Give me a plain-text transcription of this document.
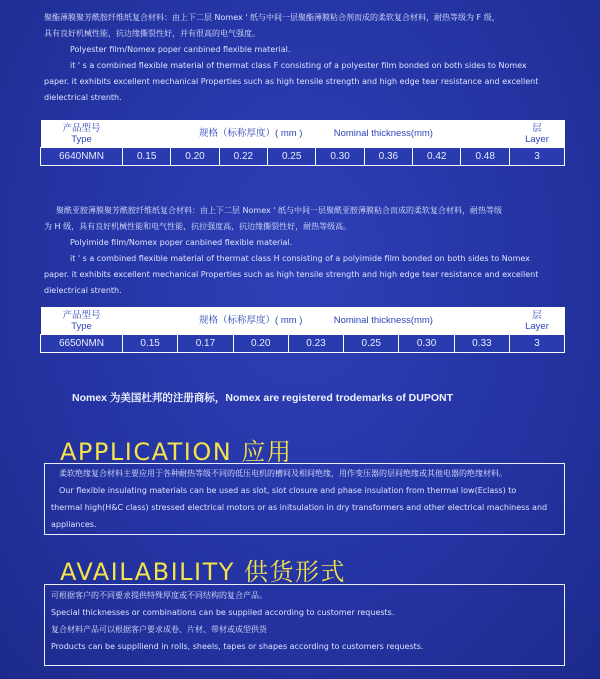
聚酯薄膜聚芳酰胺纤维纸复合材料：由上下二层 Nomex ' 纸与中间一层聚酯薄膜粘合剂而成的柔软复合材料，耐热等级为 F 级，
具有良好机械性能，抗边缘撕裂性好，并有很高的电气强度。
Polyester film/Nomex poper canbined flexible material.
it ' s a combined flexible material of thermat class F consisting of a polyester film bonded on both sides to Nomex
paper. it exhibits excellent mechanical Properties such as high tensile strength and high edge tear resistance and excellent
dielectrical strenth.
产品型号
Type	规格（标称厚度）( mm ) Nominal thickness(mm)								层
Layer

6640NMN	0.15	0.20	0.22	0.25	0.30	0.36	0.42	0.48	3
聚酰亚胺薄膜聚芳酰胺纤维纸复合材料：由上下二层 Nomex ' 纸与中间一层聚酰亚胺薄膜粘合而成的柔软复合材料，耐热等级
为 H 级，具有良好机械性能和电气性能，抗拉强度高，抗边缘撕裂性好，耐热等级高。
Polyimide film/Nomex poper canbined flexible material.
it ' s a combined flexible material of thermat class H consisting of a polyimide film bonded on both sides to Nomex
paper. it exhibits excellent mechanical Properties such as high tensile strength and high edge tear resistance and excellent
dielectrical strenth.
产品型号
Type	规格（标称厚度）( mm ) Nominal thickness(mm)							层
Layer

6650NMN	0.15	0.17	0.20	0.23	0.25	0.30	0.33	3
Nomex 为美国杜邦的注册商标，Nomex are registered trodemarks of DUPONT
APPLICATION 应用
柔软绝缘复合材料主要应用于各种耐热等级不同的低压电机的槽间及相间绝缘，用作变压器的层间绝缘或其他电器的绝缘材料。
Our flexible insulating materials can be used as slot, slot closure and phase insulation from thermal low(Eclass) to
thermal high(H&C class) stressed electrical motors or as initsulation in dry transformers and other electrical machiness and
appliances.
AVAILABILITY 供货形式
可根据客户的不同要求提供特殊厚度或不同结构的复合产品。
Special thicknesses or combinations can be suppiled according to customer requests.
复合材料产品可以根据客户要求成卷、片材、带材或成型供货
Products can be supplliend in rolls, sheels, tapes or shapes according to customers requests.
